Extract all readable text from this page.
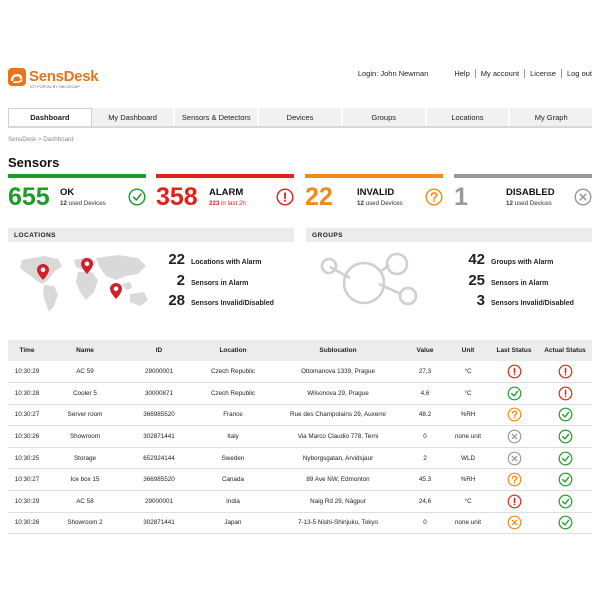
SensDesk
IOT PORTAL BY HW GROUP
Login: John Newman	Help My account License Log out
Dashboard	My Dashboard	Sensors & Detectors	Devices	Groups	Locations	My Graph
SensDesk > Dashboard
Sensors
655 OK
12 used Devices 358 ALARM
223 in last 2h 22	INVALID
12 used Devices 1	DISABLED
12 used Devices
LOCATIONS
22 Locations with Alarm
2 Sensors in Alarm
28 Sensors Invalid/Disabled
GROUPS
42 Groups with Alarm
25 Sensors in Alarm
3 Sensors Invalid/Disabled
Time	Name	ID	Location	Sublocation	Value	Unit	Last Status	Actual Status
10:30:29	AC 59	29000001	Czech Republic	Ottomanova 1339, Prague	27,3	°C	

10:30:28	Cooler 5	30000871	Czech Republic	Wilsonova 29, Prague	4,6	°C	

10:30:27	Server room	366985520	France	Rue des Champolains 29, Auxerre	48.2	%RH	

10:30:26	Showroom	302871441	Italy	Via Marco Claudio 778, Terni	0	none unit	

10:30:25	Storage	652924144	Sweden	Nyborgsgatan, Arvidsjaur	2	WLD	

10:30:27	Ice box 15	366985520	Canada	89 Ave NW, Edmonton	45.3	%RH	

10:30:29	AC 58	29000001	India	Naig Rd 29, Nāgpur	24,6	°C	

10:30:26	Showroom 2	302871441	Japan	7-13-5 Nishi-Shinjuku, Tokyo	0	none unit	
